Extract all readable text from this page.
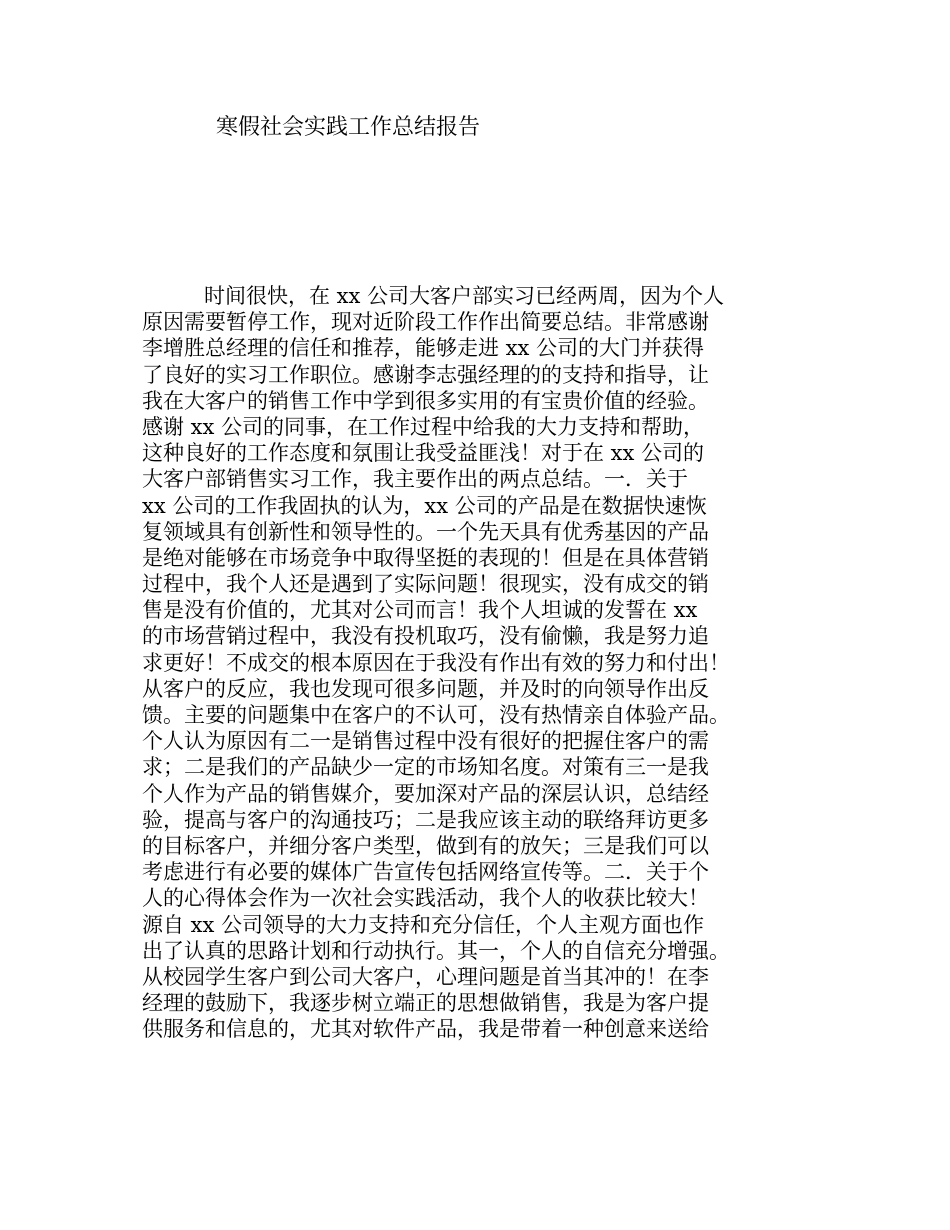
寒假社会实践工作总结报告
时间很快，在 xx 公司大客户部实习已经两周，因为个人
原因需要暂停工作，现对近阶段工作作出简要总结。非常感谢
李增胜总经理的信任和推荐，能够走进 xx 公司的大门并获得
了良好的实习工作职位。感谢李志强经理的的支持和指导，让
我在大客户的销售工作中学到很多实用的有宝贵价值的经验。
感谢 xx 公司的同事，在工作过程中给我的大力支持和帮助，
这种良好的工作态度和氛围让我受益匪浅！对于在 xx 公司的
大客户部销售实习工作，我主要作出的两点总结。一．关于
xx 公司的工作我固执的认为，xx 公司的产品是在数据快速恢
复领域具有创新性和领导性的。一个先天具有优秀基因的产品
是绝对能够在市场竞争中取得坚挺的表现的！但是在具体营销
过程中，我个人还是遇到了实际问题！很现实，没有成交的销
售是没有价值的，尤其对公司而言！我个人坦诚的发誓在 xx
的市场营销过程中，我没有投机取巧，没有偷懒，我是努力追
求更好！不成交的根本原因在于我没有作出有效的努力和付出！
从客户的反应，我也发现可很多问题，并及时的向领导作出反
馈。主要的问题集中在客户的不认可，没有热情亲自体验产品。
个人认为原因有二一是销售过程中没有很好的把握住客户的需
求；二是我们的产品缺少一定的市场知名度。对策有三一是我
个人作为产品的销售媒介，要加深对产品的深层认识，总结经
验，提高与客户的沟通技巧；二是我应该主动的联络拜访更多
的目标客户，并细分客户类型，做到有的放矢；三是我们可以
考虑进行有必要的媒体广告宣传包括网络宣传等。二．关于个
人的心得体会作为一次社会实践活动，我个人的收获比较大！
源自 xx 公司领导的大力支持和充分信任，个人主观方面也作
出了认真的思路计划和行动执行。其一，个人的自信充分增强。
从校园学生客户到公司大客户，心理问题是首当其冲的！在李
经理的鼓励下，我逐步树立端正的思想做销售，我是为客户提
供服务和信息的，尤其对软件产品，我是带着一种创意来送给
